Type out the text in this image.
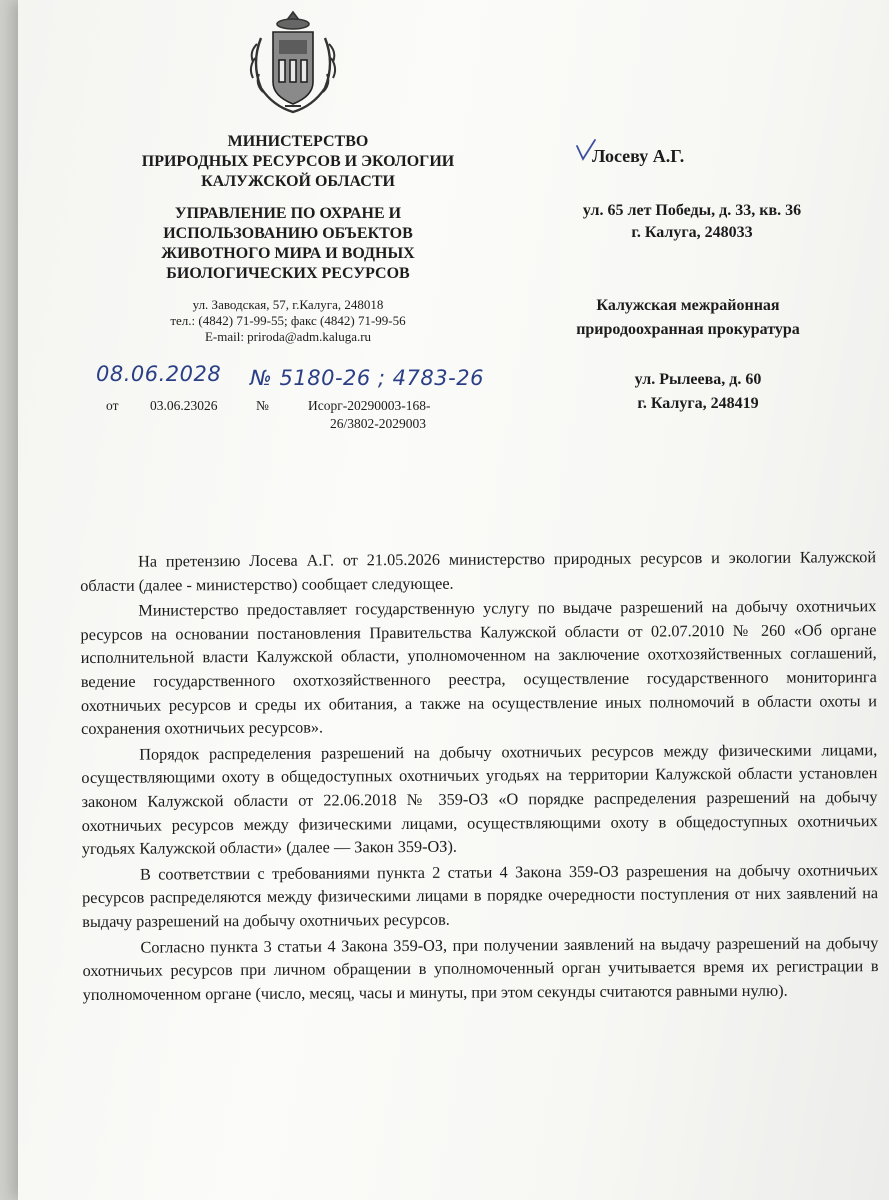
МИНИСТЕРСТВО
ПРИРОДНЫХ РЕСУРСОВ И ЭКОЛОГИИ
КАЛУЖСКОЙ ОБЛАСТИ
УПРАВЛЕНИЕ ПО ОХРАНЕ И
ИСПОЛЬЗОВАНИЮ ОБЪЕКТОВ
ЖИВОТНОГО МИРА И ВОДНЫХ
БИОЛОГИЧЕСКИХ РЕСУРСОВ
ул. Заводская, 57, г.Калуга, 248018
тел.: (4842) 71-99-55; факс (4842) 71-99-56
E-mail: priroda@adm.kaluga.ru
08.06.2028 № 5180-26 ; 4783-26
от 03.06.23026	№	Исорг-20290003-168-
26/3802-2029003
Лосеву А.Г.
ул. 65 лет Победы, д. 33, кв. 36
г. Калуга, 248033
Калужская межрайонная
природоохранная прокуратура
ул. Рылеева, д. 60
г. Калуга, 248419

На претензию Лосева А.Г. от 21.05.2026 министерство природных ресурсов и экологии Калужской области (далее - министерство) сообщает следующее.

Министерство предоставляет государственную услугу по выдаче разрешений на добычу охотничьих ресурсов на основании постановления Правительства Калужской области от 02.07.2010 № 260 «Об органе исполнительной власти Калужской области, уполномоченном на заключение охотхозяйственных соглашений, ведение государственного охотхозяйственного реестра, осуществление государственного мониторинга охотничьих ресурсов и среды их обитания, а также на осуществление иных полномочий в области охоты и сохранения охотничьих ресурсов».

Порядок распределения разрешений на добычу охотничьих ресурсов между физическими лицами, осуществляющими охоту в общедоступных охотничьих угодьях на территории Калужской области установлен законом Калужской области от 22.06.2018 № 359-ОЗ «О порядке распределения разрешений на добычу охотничьих ресурсов между физическими лицами, осуществляющими охоту в общедоступных охотничьих угодьях Калужской области» (далее — Закон 359-ОЗ).

В соответствии с требованиями пункта 2 статьи 4 Закона 359-ОЗ разрешения на добычу охотничьих ресурсов распределяются между физическими лицами в порядке очередности поступления от них заявлений на выдачу разрешений на добычу охотничьих ресурсов.

Согласно пункта 3 статьи 4 Закона 359-ОЗ, при получении заявлений на выдачу разрешений на добычу охотничьих ресурсов при личном обращении в уполномоченный орган учитывается время их регистрации в уполномоченном органе (число, месяц, часы и минуты, при этом секунды считаются равными нулю).
